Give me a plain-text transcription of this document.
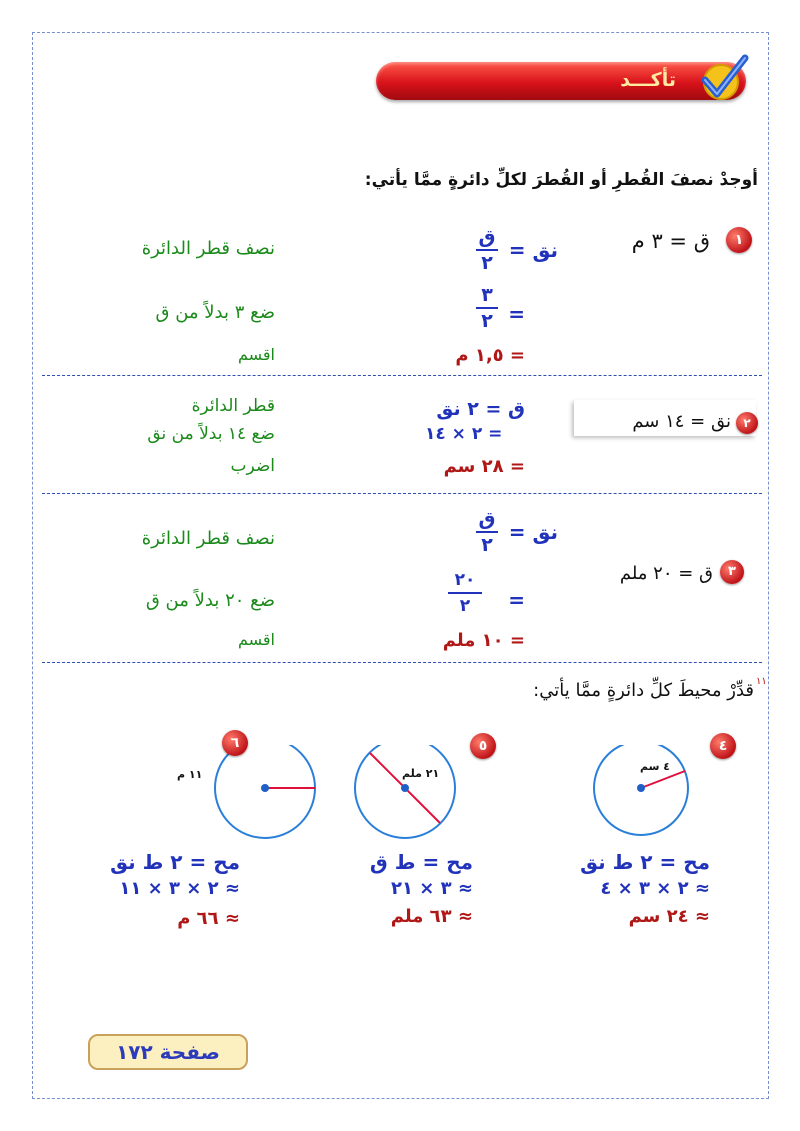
تأكـــد
أوجدْ نصفَ القُطرِ أو القُطرَ لكلِّ دائرةٍ ممَّا يأتي:
١
ق = ٣ م
نق =
ق
٢
نصف قطر الدائرة
=
٣
٢
ضع ٣ بدلاً من ق
= ١,٥ م
اقسم
٢
نق = ١٤ سم
ق = ٢ نق
قطر الدائرة
٢ × ١٤ =
ضع ١٤ بدلاً من نق
= ٢٨ سم
اضرب
نق =
ق
٢
نصف قطر الدائرة
٣
ق = ٢٠ ملم
=
٢٠
٢
ضع ٢٠ بدلاً من ق
= ١٠ ملم
اقسم
١١
قدِّرْ محيطَ كلِّ دائرةٍ ممَّا يأتي:
٦	٥	٤
١١ م	٢١ ملم
٤ سم
مح = ٢ ط نق
≈ ٢ × ٣ × ١١
≈ ٦٦ م
مح = ط ق
≈ ٣ × ٢١
≈ ٦٣ ملم
مح = ٢ ط نق
≈ ٢ × ٣ × ٤
≈ ٢٤ سم
صفحة ١٧٢
